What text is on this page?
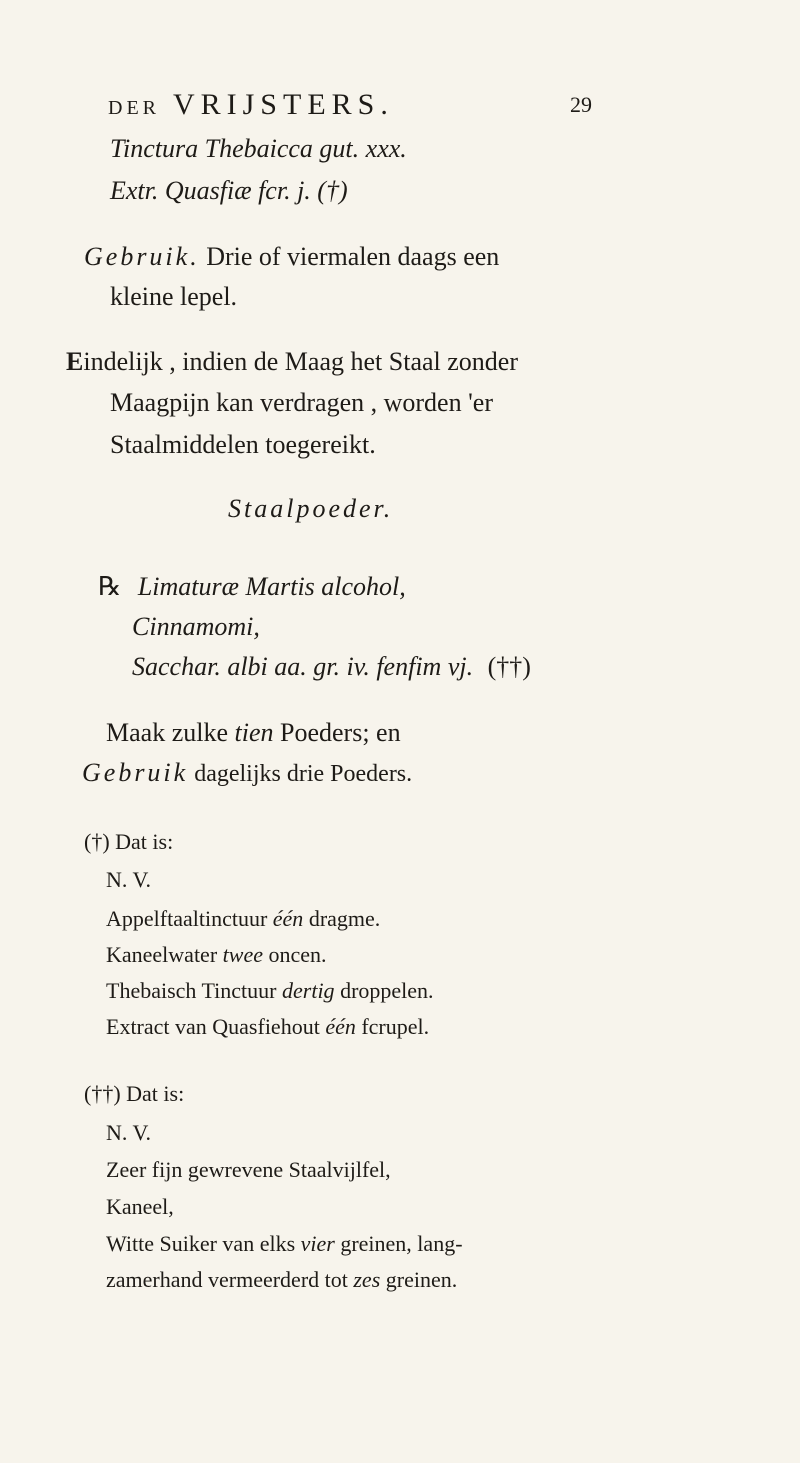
DER VRIJSTERS.	29
Tinctura Thebaicca gut. xxx.
Extr. Quasfiæ fcr. j. (†)
Gebruik. Drie of viermalen daags een
kleine lepel.
Eindelijk , indien de Maag het Staal zonder
Maagpijn kan verdragen , worden 'er
Staalmiddelen toegereikt.
Staalpoeder.
℞ Limaturæ Martis alcohol,
Cinnamomi,
Sacchar. albi aa. gr. iv. fenfim vj. (††)
Maak zulke tien Poeders; en
Gebruik dagelijks drie Poeders.
(†) Dat is:
N. V.
Appelftaaltinctuur één dragme.
Kaneelwater twee oncen.
Thebaisch Tinctuur dertig droppelen.
Extract van Quasfiehout één fcrupel.
(††) Dat is:
N. V.
Zeer fijn gewrevene Staalvijlfel,
Kaneel,
Witte Suiker van elks vier greinen, lang-
zamerhand vermeerderd tot zes greinen.
